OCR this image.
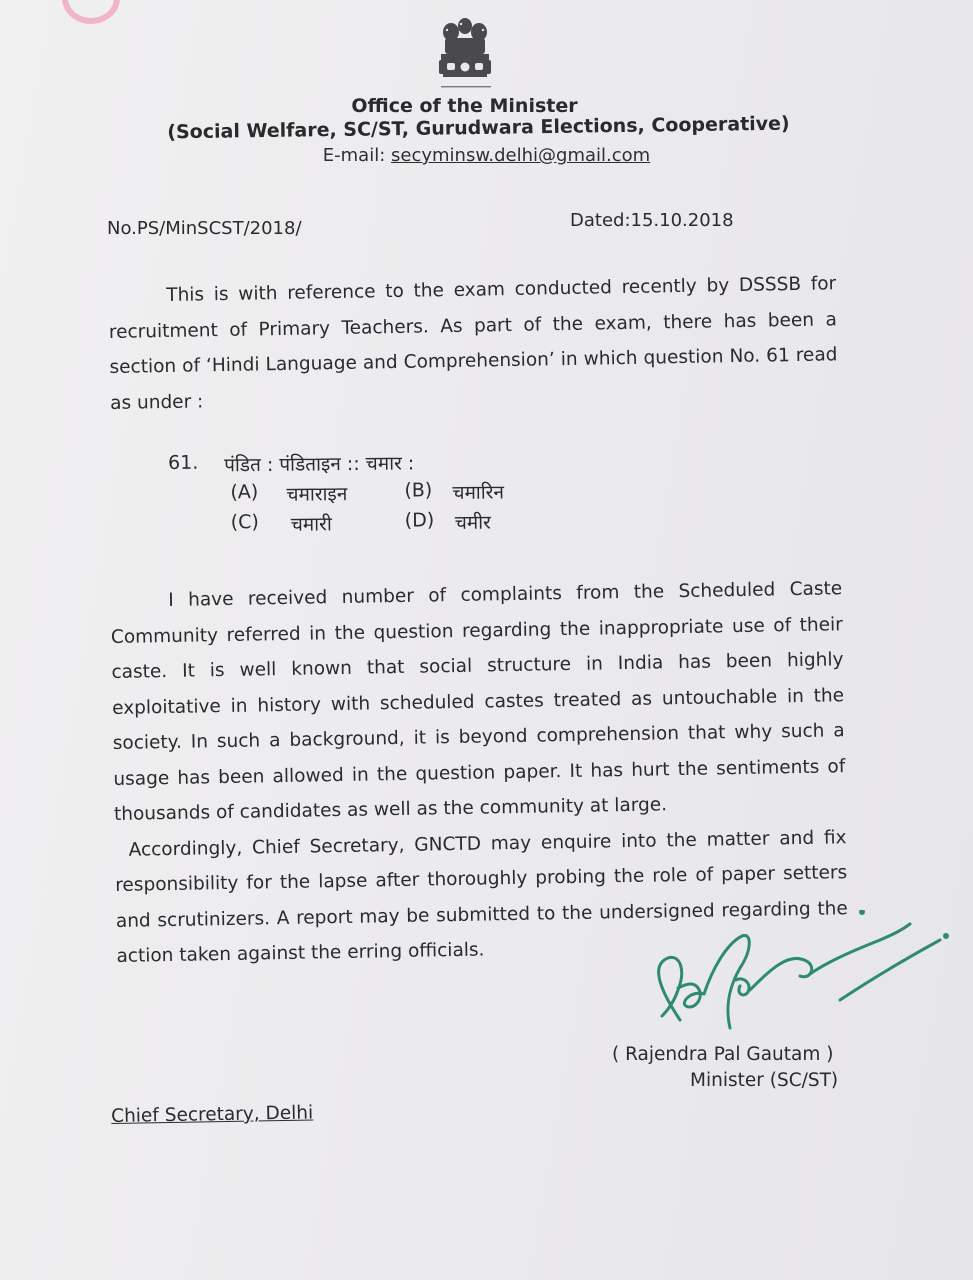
Office of the Minister
(Social Welfare, SC/ST, Gurudwara Elections, Cooperative)
E-mail: secyminsw.delhi@gmail.com
No.PS/MinSCST/2018/	Dated:15.10.2018
This is with reference to the exam conducted recently by DSSSB for recruitment of Primary Teachers. As part of the exam, there has been a section of ‘Hindi Language and Comprehension’ in which question No. 61 read as under :
61. पंडित : पंडिताइन :: चमार :
(A) चमाराइन	(B) चमारिन
(C) चमारी	(D) चमीर
I have received number of complaints from the Scheduled Caste Community referred in the question regarding the inappropriate use of their caste. It is well known that social structure in India has been highly exploitative in history with scheduled castes treated as untouchable in the society. In such a background, it is beyond comprehension that why such a usage has been allowed in the question paper. It has hurt the sentiments of thousands of candidates as well as the community at large.
Accordingly, Chief Secretary, GNCTD may enquire into the matter and fix responsibility for the lapse after thoroughly probing the role of paper setters and scrutinizers. A report may be submitted to the undersigned regarding the action taken against the erring officials.
( Rajendra Pal Gautam )
Minister (SC/ST)
Chief Secretary, Delhi
